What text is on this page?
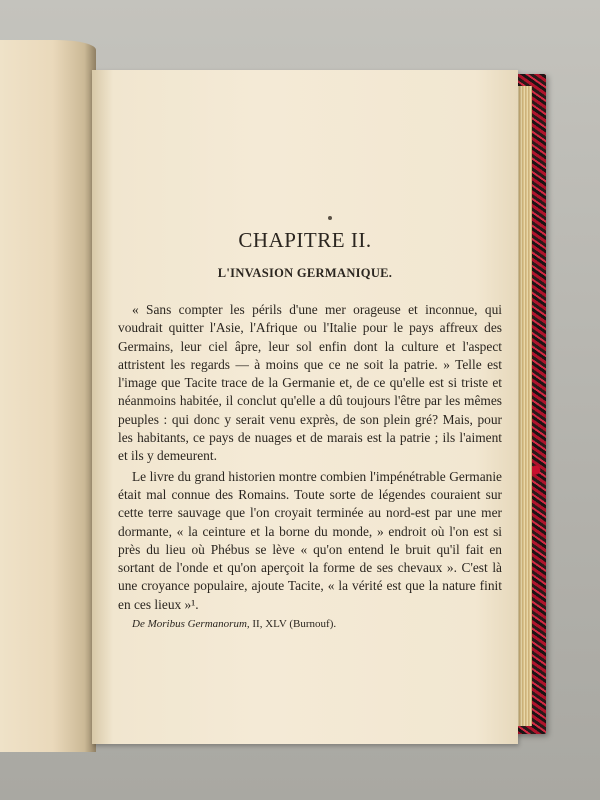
CHAPITRE II.
L'INVASION GERMANIQUE.

« Sans compter les périls d'une mer orageuse et inconnue, qui voudrait quitter l'Asie, l'Afrique ou l'Italie pour le pays affreux des Germains, leur ciel âpre, leur sol enfin dont la culture et l'aspect attristent les regards — à moins que ce ne soit la patrie. » Telle est l'image que Tacite trace de la Germanie et, de ce qu'elle est si triste et néanmoins habitée, il conclut qu'elle a dû toujours l'être par les mêmes peuples : qui donc y serait venu exprès, de son plein gré? Mais, pour les habitants, ce pays de nuages et de marais est la patrie ; ils l'aiment et ils y demeurent.

Le livre du grand historien montre combien l'impénétrable Germanie était mal connue des Romains. Toute sorte de légendes couraient sur cette terre sauvage que l'on croyait terminée au nord-est par une mer dormante, « la ceinture et la borne du monde, » endroit où l'on est si près du lieu où Phébus se lève « qu'on entend le bruit qu'il fait en sortant de l'onde et qu'on aperçoit la forme de ses chevaux ». C'est là une croyance populaire, ajoute Tacite, « la vérité est que la nature finit en ces lieux »¹.

De Moribus Germanorum, II, XLV (Burnouf).
